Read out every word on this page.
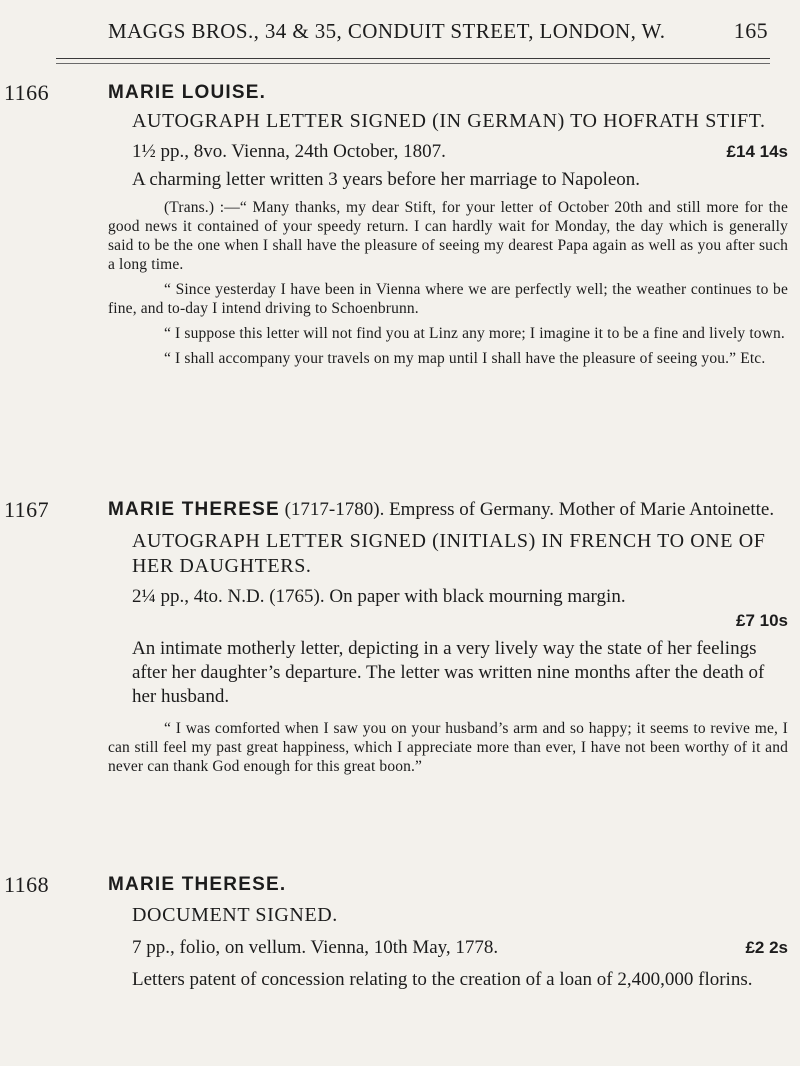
MAGGS BROS., 34 & 35, CONDUIT STREET, LONDON, W.	165
1166	MARIE LOUISE.
AUTOGRAPH LETTER SIGNED (IN GERMAN) TO HOFRATH STIFT.
1½ pp., 8vo. Vienna, 24th October, 1807.	£14 14s
A charming letter written 3 years before her marriage to Napoleon.

(Trans.) :—“ Many thanks, my dear Stift, for your letter of October 20th and still more for the good news it contained of your speedy return. I can hardly wait for Monday, the day which is generally said to be the one when I shall have the pleasure of seeing my dearest Papa again as well as you after such a long time.

“ Since yesterday I have been in Vienna where we are perfectly well; the weather continues to be fine, and to-day I intend driving to Schoenbrunn.

“ I suppose this letter will not find you at Linz any more; I imagine it to be a fine and lively town.

“ I shall accompany your travels on my map until I shall have the pleasure of seeing you.” Etc.

1167	MARIE THERESE (1717-1780). Empress of Germany. Mother of Marie Antoinette.
AUTOGRAPH LETTER SIGNED (INITIALS) IN FRENCH TO ONE OF HER DAUGHTERS.
2¼ pp., 4to. N.D. (1765). On paper with black mourning margin.
£7 10s
An intimate motherly letter, depicting in a very lively way the state of her feelings after her daughter’s departure. The letter was written nine months after the death of her husband.

“ I was comforted when I saw you on your husband’s arm and so happy; it seems to revive me, I can still feel my past great happiness, which I appreciate more than ever, I have not been worthy of it and never can thank God enough for this great boon.”

1168	MARIE THERESE.
DOCUMENT SIGNED.
7 pp., folio, on vellum. Vienna, 10th May, 1778.	£2 2s
Letters patent of concession relating to the creation of a loan of 2,400,000 florins.
